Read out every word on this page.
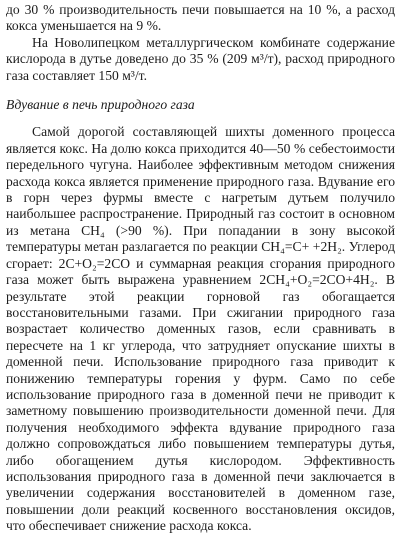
до 30 % производительность печи повышается на 10 %, а расход кокса уменьшается на 9 %.

На Новолипецком металлургическом комбинате содержание кислорода в дутье доведено до 35 % (209 м³/т), расход природного газа составляет 150 м³/т.

Вдувание в печь природного газа

Самой дорогой составляющей шихты доменного процесса является кокс. На долю кокса приходится 40—50 % себестоимости передельного чугуна. Наиболее эффективным методом снижения расхода кокса является применение природного газа. Вдувание его в горн через фурмы вместе с нагретым дутьем получило наибольшее распространение. Природный газ состоит в основном из метана CH₄ (>90 %). При попадании в зону высокой температуры метан разлагается по реакции CH₄=C+ +2H₂. Углерод сгорает: 2C+O₂=2CO и суммарная реакция сгорания природного газа может быть выражена уравнением 2CH₄+O₂=2CO+4H₂. В результате этой реакции горновой газ обогащается восстановительными газами. При сжигании природного газа возрастает количество доменных газов, если сравнивать в пересчете на 1 кг углерода, что затрудняет опускание шихты в доменной печи. Использование природного газа приводит к понижению температуры горения у фурм. Само по себе использование природного газа в доменной печи не приводит к заметному повышению производительности доменной печи. Для получения необходимого эффекта вдувание природного газа должно сопровождаться либо повышением температуры дутья, либо обогащением дутья кислородом. Эффективность использования природного газа в доменной печи заключается в увеличении содержания восстановителей в доменном газе, повышении доли реакций косвенного восстановления оксидов, что обеспечивает снижение расхода кокса.
